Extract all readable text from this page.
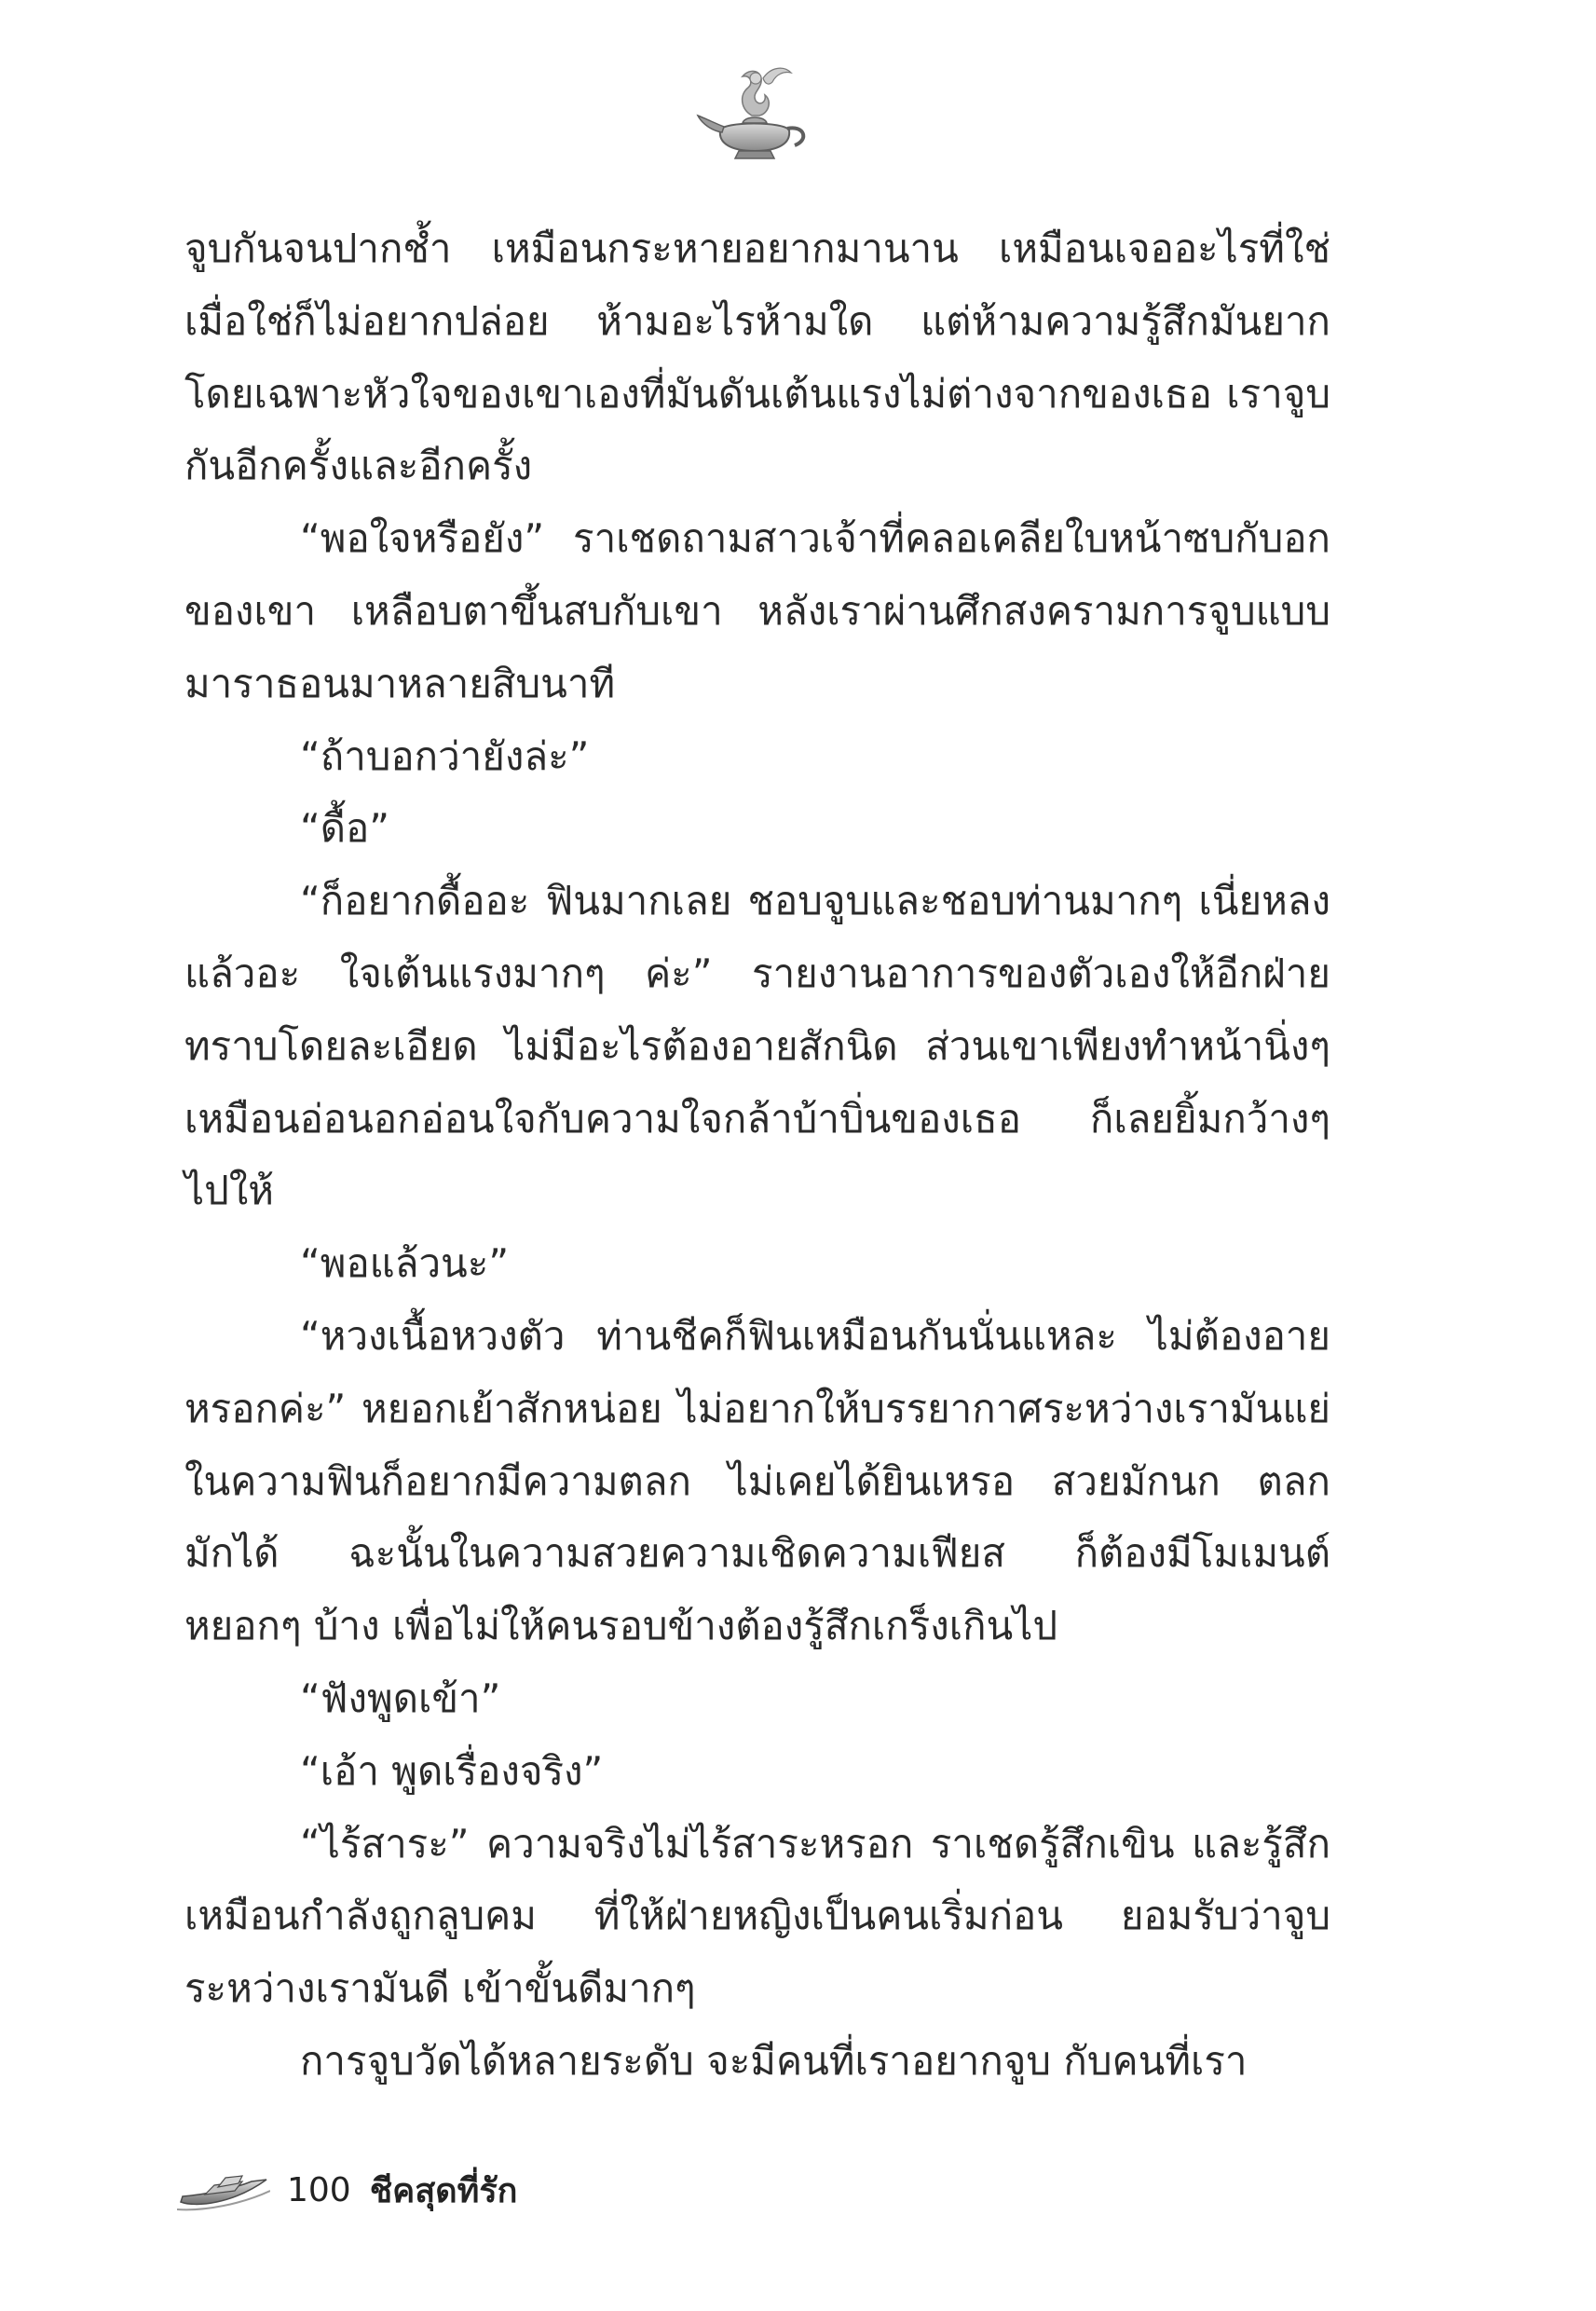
จูบกันจนปากช้ำ เหมือนกระหายอยากมานาน เหมือนเจออะไรที่ใช่ เมื่อใช่ก็ไม่อยากปล่อย ห้ามอะไรห้ามใด แต่ห้ามความรู้สึกมันยาก โดยเฉพาะหัวใจของเขาเองที่มันดันเต้นแรงไม่ต่างจากของเธอ เราจูบกันอีกครั้งและอีกครั้ง

“พอใจหรือยัง” ราเชดถามสาวเจ้าที่คลอเคลียใบหน้าซบกับอกของเขา เหลือบตาขึ้นสบกับเขา หลังเราผ่านศึกสงครามการจูบแบบมาราธอนมาหลายสิบนาที

“ถ้าบอกว่ายังล่ะ”

“ดื้อ”

“ก็อยากดื้ออะ ฟินมากเลย ชอบจูบและชอบท่านมากๆ เนี่ยหลงแล้วอะ ใจเต้นแรงมากๆ ค่ะ” รายงานอาการของตัวเองให้อีกฝ่ายทราบโดยละเอียด ไม่มีอะไรต้องอายสักนิด ส่วนเขาเพียงทำหน้านิ่งๆ เหมือนอ่อนอกอ่อนใจกับความใจกล้าบ้าบิ่นของเธอ ก็เลยยิ้มกว้างๆ ไปให้

“พอแล้วนะ”

“หวงเนื้อหวงตัว ท่านชีคก็ฟินเหมือนกันนั่นแหละ ไม่ต้องอายหรอกค่ะ” หยอกเย้าสักหน่อย ไม่อยากให้บรรยากาศระหว่างเรามันแย่ ในความฟินก็อยากมีความตลก ไม่เคยได้ยินเหรอ สวยมักนก ตลกมักได้ ฉะนั้นในความสวยความเชิดความเฟียส ก็ต้องมีโมเมนต์หยอกๆ บ้าง เพื่อไม่ให้คนรอบข้างต้องรู้สึกเกร็งเกินไป

“ฟังพูดเข้า”

“เอ้า พูดเรื่องจริง”

“ไร้สาระ” ความจริงไม่ไร้สาระหรอก ราเชดรู้สึกเขิน และรู้สึกเหมือนกำลังถูกลูบคม ที่ให้ฝ่ายหญิงเป็นคนเริ่มก่อน ยอมรับว่าจูบระหว่างเรามันดี เข้าขั้นดีมากๆ

การจูบวัดได้หลายระดับ จะมีคนที่เราอยากจูบ กับคนที่เรา

100 ชีคสุดที่รัก
